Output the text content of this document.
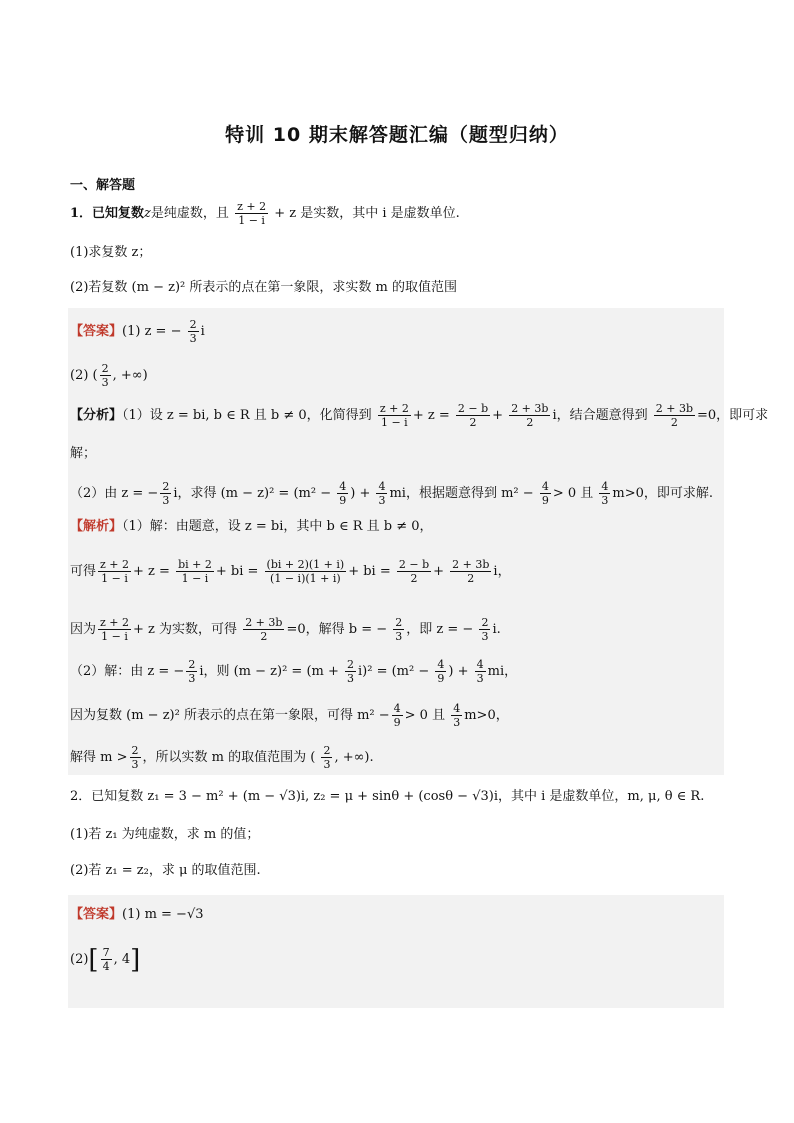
特训 10 期末解答题汇编（题型归纳）
一、解答题
1．已知复数z是纯虚数，且 $\frac{z + 2}{1 - i} + z$ 是实数，其中 i 是虚数单位.
(1)求复数 z；
(2)若复数 (m − z)² 所表示的点在第一象限，求实数 m 的取值范围
【答案】(1) z = − $\frac{2}{3}$ i
(2) ( $\frac{2}{3}$ , +∞)
【分析】（1）设 z = bi, b ∈ R 且 b ≠ 0，化简得到 $\frac{z + 2}{1 - i} + z = \frac{2 - b}{2} + \frac{2 + 3b}{2}$ i，结合题意得到 $\frac{2 + 3b}{2} =0$，即可求
解；
（2）由 z = − $\frac{2}{3}$ i，求得 $(m - z)^2 = (m^2 - \frac{4}{9}$ ) + $\frac{4}{3}$ mi，根据题意得到 $m^2 - \frac{4}{9} > 0$ 且 $\frac{4}{3} m>0$，即可求解.
【解析】（1）解：由题意，设 z = bi，其中 b ∈ R 且 b ≠ 0，
可得 $\frac{z + 2}{1 - i} + z = \frac{bi + 2}{1 - i}$ + bi = $\frac{(bi + 2)(1 + i)}{(1 - i)(1 + i)}$ + bi = $\frac{2 - b}{2} + \frac{2 + 3b}{2}$ i，
因为 $\frac{z + 2}{1 - i} + z$ 为实数，可得 $\frac{2 + 3b}{2} =0$，解得 b = − $\frac{2}{3}$ ，即 z = − $\frac{2}{3} i$.
（2）解：由 z = − $\frac{2}{3}$ i，则 $(m - z)^2 = (m + \frac{2}{3} i)^2 = (m^2 - \frac{4}{9}$ ) + $\frac{4}{3}$ mi，
因为复数 (m − z)² 所表示的点在第一象限，可得 $m^2 - \frac{4}{9} > 0$ 且 $\frac{4}{3} m>0$，
解得 $m > \frac{2}{3}$ ，所以实数 m 的取值范围为 ( $\frac{2}{3}$ , +∞).
2．已知复数 z₁ = 3 − m² + (m − √3)i, z₂ = μ + sinθ + (cosθ − √3)i，其中 i 是虚数单位，m, μ, θ ∈ R.
(1)若 z₁ 为纯虚数，求 m 的值；
(2)若 z₁ = z₂，求 μ 的取值范围.
【答案】(1) m = −√3
$(2)[ \frac{7}{4}$ , 4]
